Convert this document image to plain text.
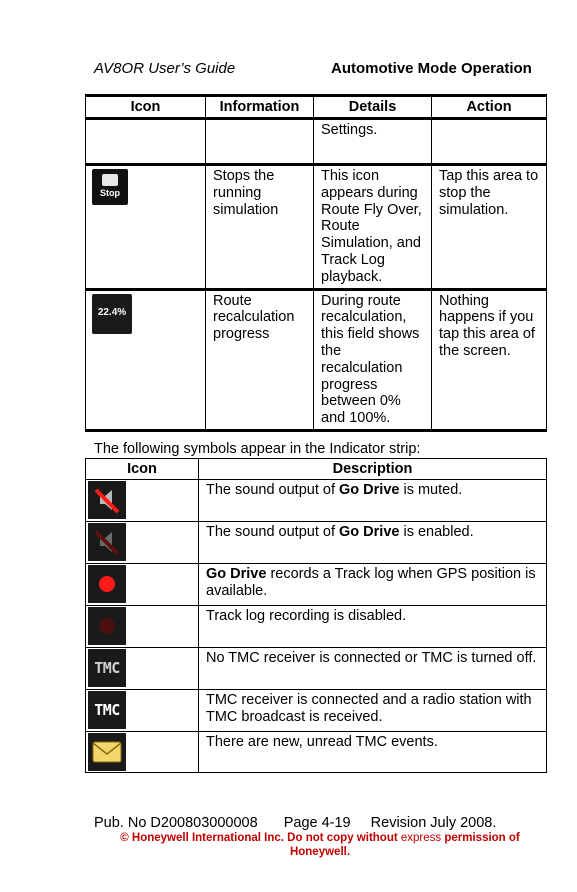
AV8OR User’s Guide	Automotive Mode Operation
Icon	Information	Details	Action
		Settings.	

Stop	Stops the running simulation	This icon appears during Route Fly Over, Route Simulation, and Track Log playback.	Tap this area to stop the simulation.

22.4%	Route recalculation progress	During route recalculation, this field shows the recalculation progress between 0% and 100%.	Nothing happens if you tap this area of the screen.
The following symbols appear in the Indicator strip:
Icon	Description

	The sound output of Go Drive is muted.

	The sound output of Go Drive is enabled.

	Go Drive records a Track log when GPS position is available.

	Track log recording is disabled.

TMC	No TMC receiver is connected or TMC is turned off.

TMC	TMC receiver is connected and a radio station with TMC broadcast is received.

	There are new, unread TMC events.
Pub. No D200803000008 Page 4-19 Revision July 2008.
© Honeywell International Inc. Do not copy without express permission of Honeywell.
